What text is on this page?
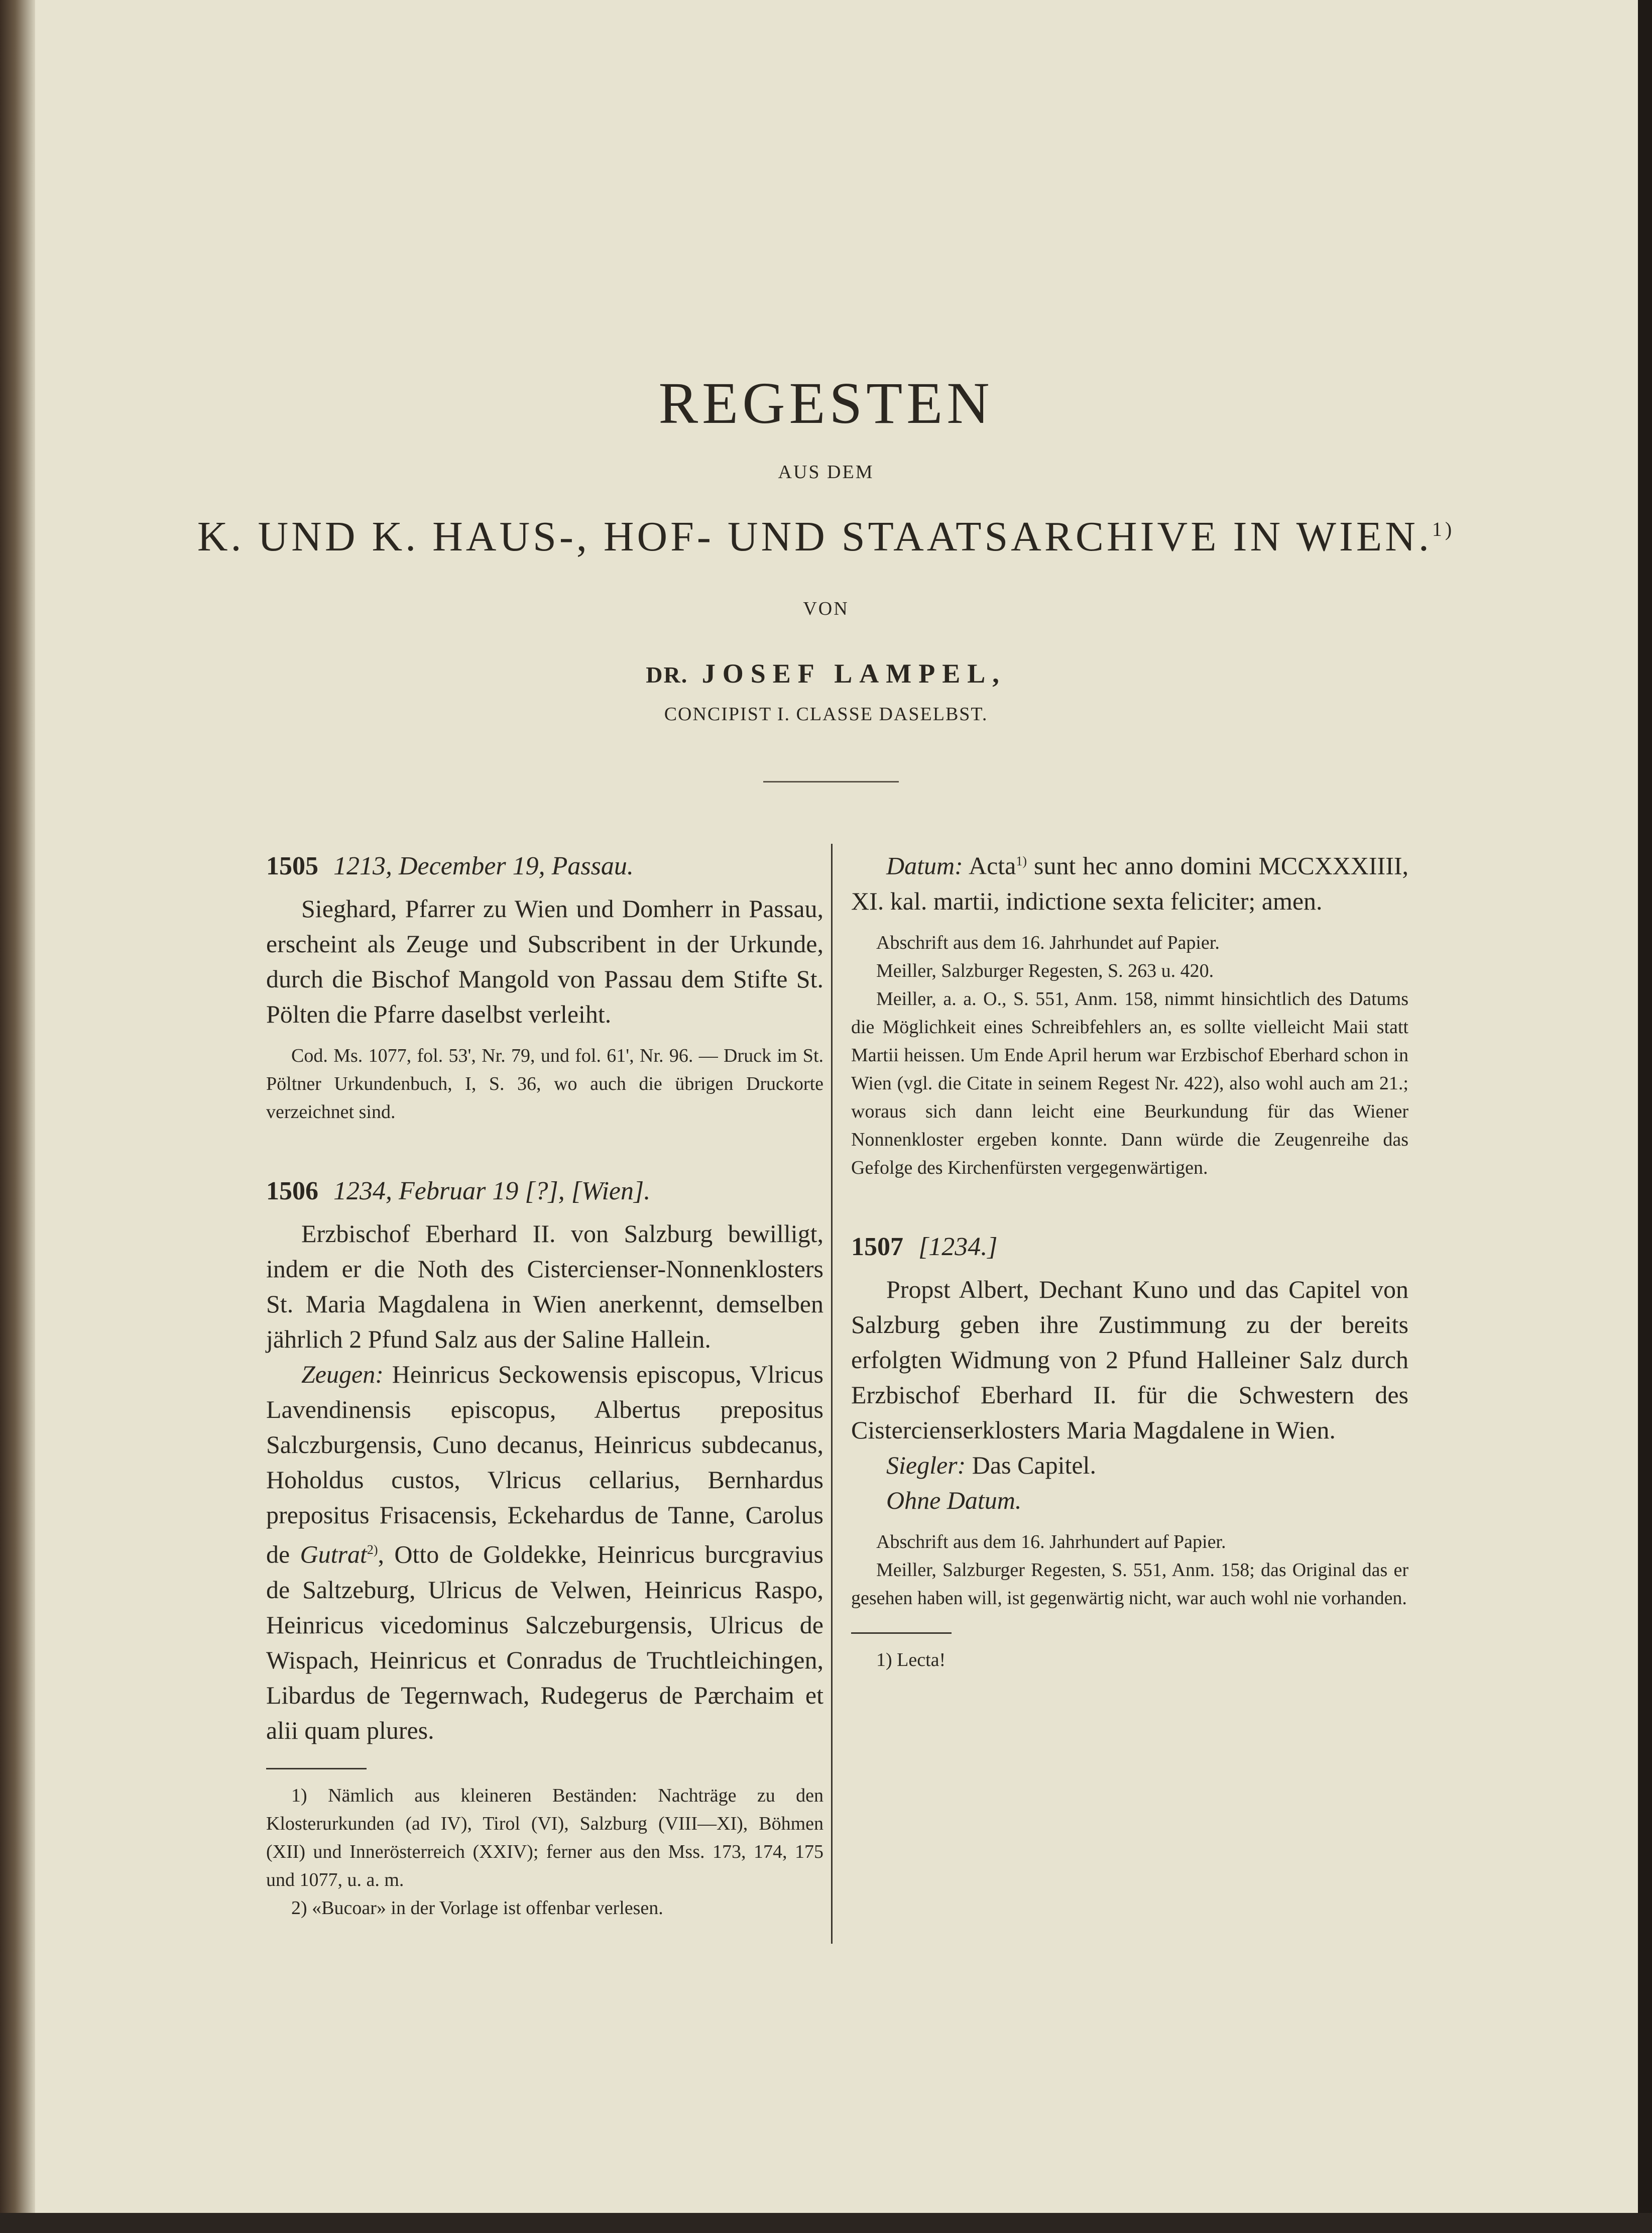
REGESTEN
AUS DEM
K. UND K. HAUS-, HOF- UND STAATSARCHIVE IN WIEN.$^{1)}$
VON
DR. JOSEF LAMPEL,
CONCIPIST I. CLASSE DASELBST.
1505 1213, December 19, Passau.

Sieghard, Pfarrer zu Wien und Domherr in Passau, erscheint als Zeuge und Subscribent in der Urkunde, durch die Bischof Mangold von Passau dem Stifte St. Pölten die Pfarre daselbst verleiht.

Cod. Ms. 1077, fol. 53', Nr. 79, und fol. 61', Nr. 96. — Druck im St. Pöltner Urkundenbuch, I, S. 36, wo auch die übrigen Druckorte verzeichnet sind.

1506 1234, Februar 19 [?], [Wien].

Erzbischof Eberhard II. von Salzburg bewilligt, indem er die Noth des Cistercienser-Nonnenklosters St. Maria Magdalena in Wien anerkennt, demselben jährlich 2 Pfund Salz aus der Saline Hallein.

Zeugen: Heinricus Seckowensis episcopus, Vlricus Lavendinensis episcopus, Albertus prepositus Salczburgensis, Cuno decanus, Heinricus subdecanus, Hoholdus custos, Vlricus cellarius, Bernhardus prepositus Frisacensis, Eckehardus de Tanne, Carolus de Gutrat$^{2)}$, Otto de Goldekke, Heinricus burcgravius de Saltzeburg, Ulricus de Velwen, Heinricus Raspo, Heinricus vicedominus Salczeburgensis, Ulricus de Wispach, Heinricus et Conradus de Truchtleichingen, Libardus de Tegernwach, Rudegerus de Pærchaim et alii quam plures.

1) Nämlich aus kleineren Beständen: Nachträge zu den Klosterurkunden (ad IV), Tirol (VI), Salzburg (VIII—XI), Böhmen (XII) und Innerösterreich (XXIV); ferner aus den Mss. 173, 174, 175 und 1077, u. a. m.

2) «Bucoar» in der Vorlage ist offenbar verlesen.

Datum: Acta$^{1)}$ sunt hec anno domini MCCXXXIIII, XI. kal. martii, indictione sexta feliciter; amen.

Abschrift aus dem 16. Jahrhundet auf Papier.

Meiller, Salzburger Regesten, S. 263 u. 420.

Meiller, a. a. O., S. 551, Anm. 158, nimmt hinsichtlich des Datums die Möglichkeit eines Schreibfehlers an, es sollte vielleicht Maii statt Martii heissen. Um Ende April herum war Erzbischof Eberhard schon in Wien (vgl. die Citate in seinem Regest Nr. 422), also wohl auch am 21.; woraus sich dann leicht eine Beurkundung für das Wiener Nonnenkloster ergeben konnte. Dann würde die Zeugenreihe das Gefolge des Kirchenfürsten vergegenwärtigen.

1507 [1234.]

Propst Albert, Dechant Kuno und das Capitel von Salzburg geben ihre Zustimmung zu der bereits erfolgten Widmung von 2 Pfund Halleiner Salz durch Erzbischof Eberhard II. für die Schwestern des Cistercienserklosters Maria Magdalene in Wien.

Siegler: Das Capitel.

Ohne Datum.

Abschrift aus dem 16. Jahrhundert auf Papier.

Meiller, Salzburger Regesten, S. 551, Anm. 158; das Original das er gesehen haben will, ist gegenwärtig nicht, war auch wohl nie vorhanden.

1) Lecta!
